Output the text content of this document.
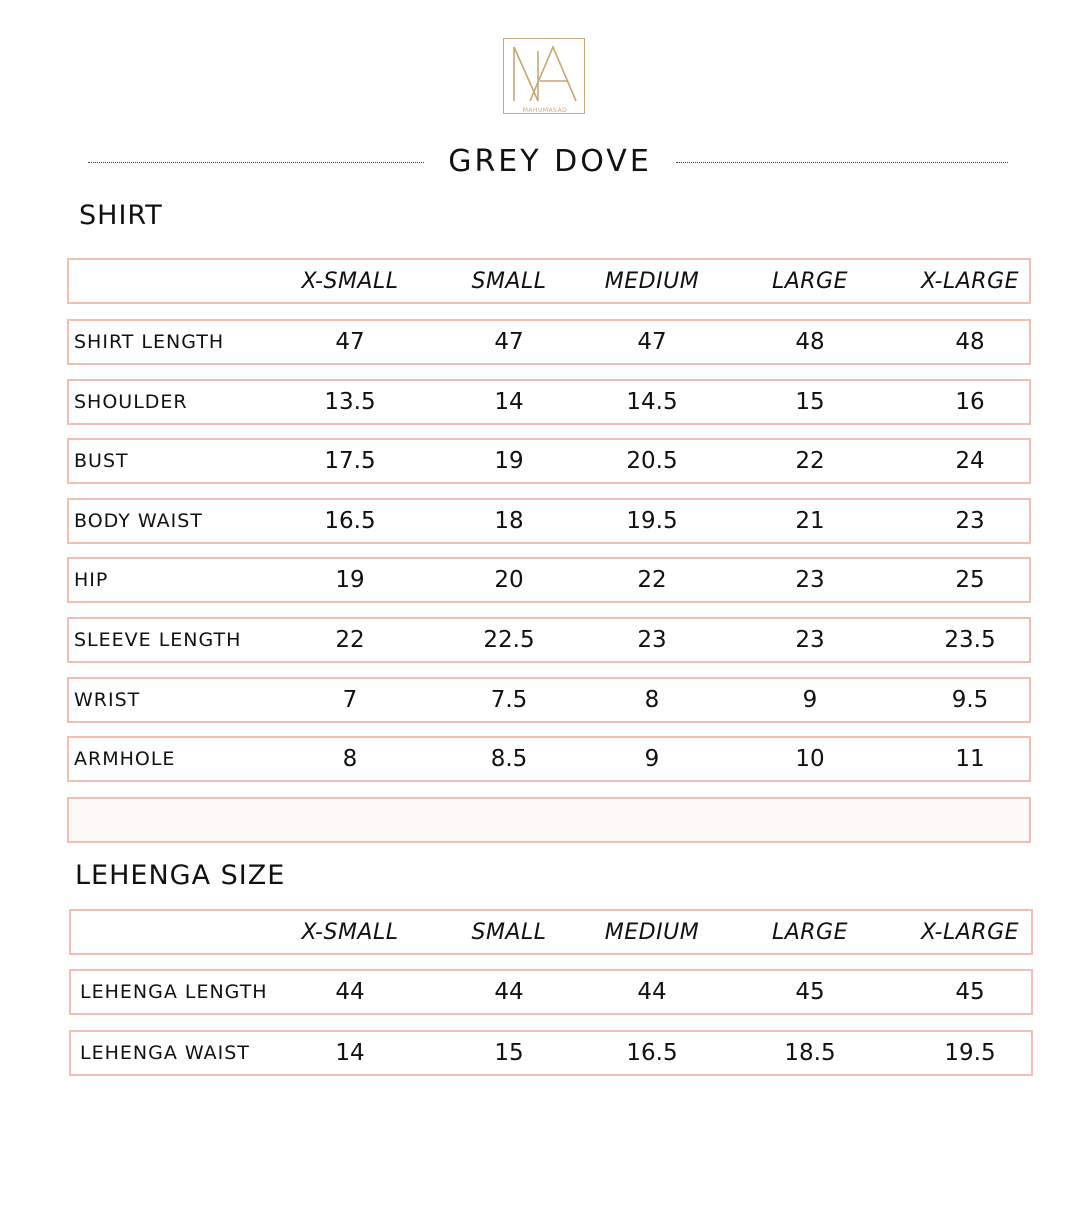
MAHUMASAD
GREY DOVE
SHIRT
X-SMALL	SMALL	MEDIUM	LARGE	X-LARGE
SHIRT LENGTH	47	47	47	48	48
SHOULDER	13.5	14	14.5	15	16
BUST	17.5	19	20.5	22	24
BODY WAIST	16.5	18	19.5	21	23
HIP	19	20	22	23	25
SLEEVE LENGTH	22	22.5	23	23	23.5
WRIST	7	7.5	8	9	9.5
ARMHOLE	8	8.5	9	10	11
LEHENGA SIZE
X-SMALL	SMALL	MEDIUM	LARGE	X-LARGE
LEHENGA LENGTH	44	44	44	45	45
LEHENGA WAIST	14	15	16.5	18.5	19.5
